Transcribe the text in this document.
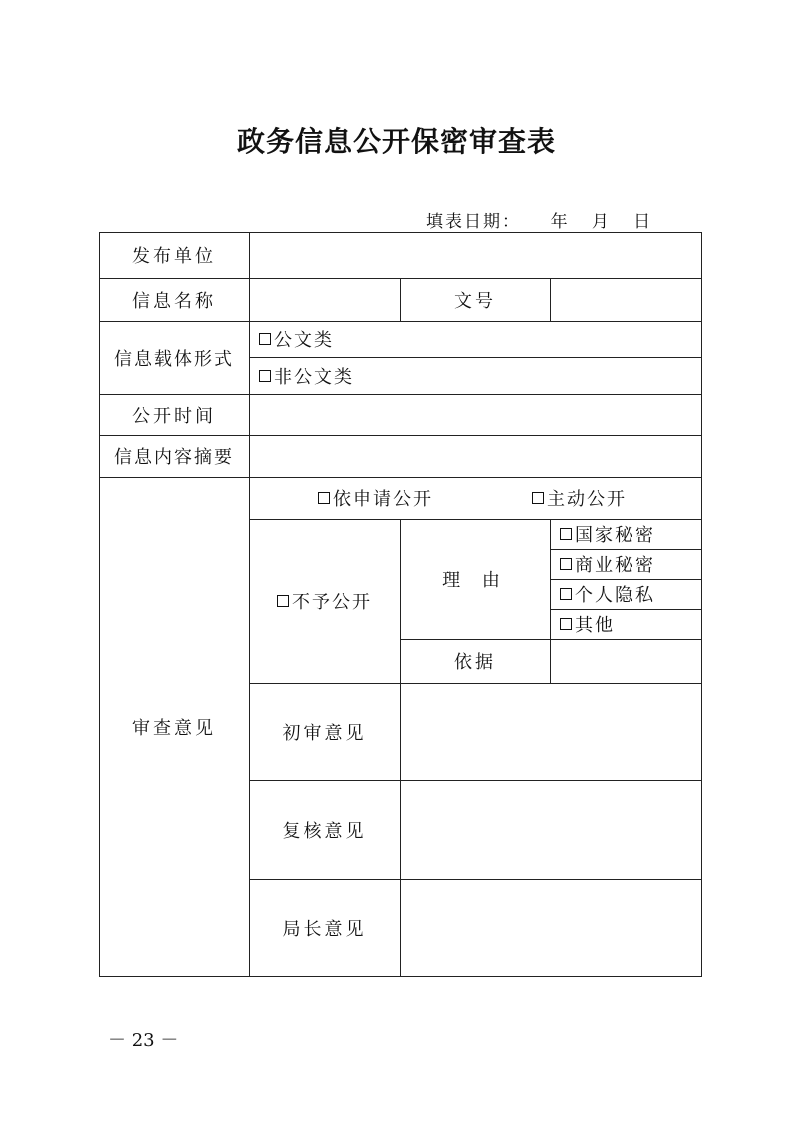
政务信息公开保密审查表
填表日期： 年 月 日
发布单位
信息名称	文号
信息载体形式
公开时间
信息内容摘要
审查意见
公文类
非公文类
依申请公开	主动公开
不予公开
理 由
国家秘密
商业秘密
个人隐私
其他
依据
初审意见
复核意见
局长意见
－ 23 －
